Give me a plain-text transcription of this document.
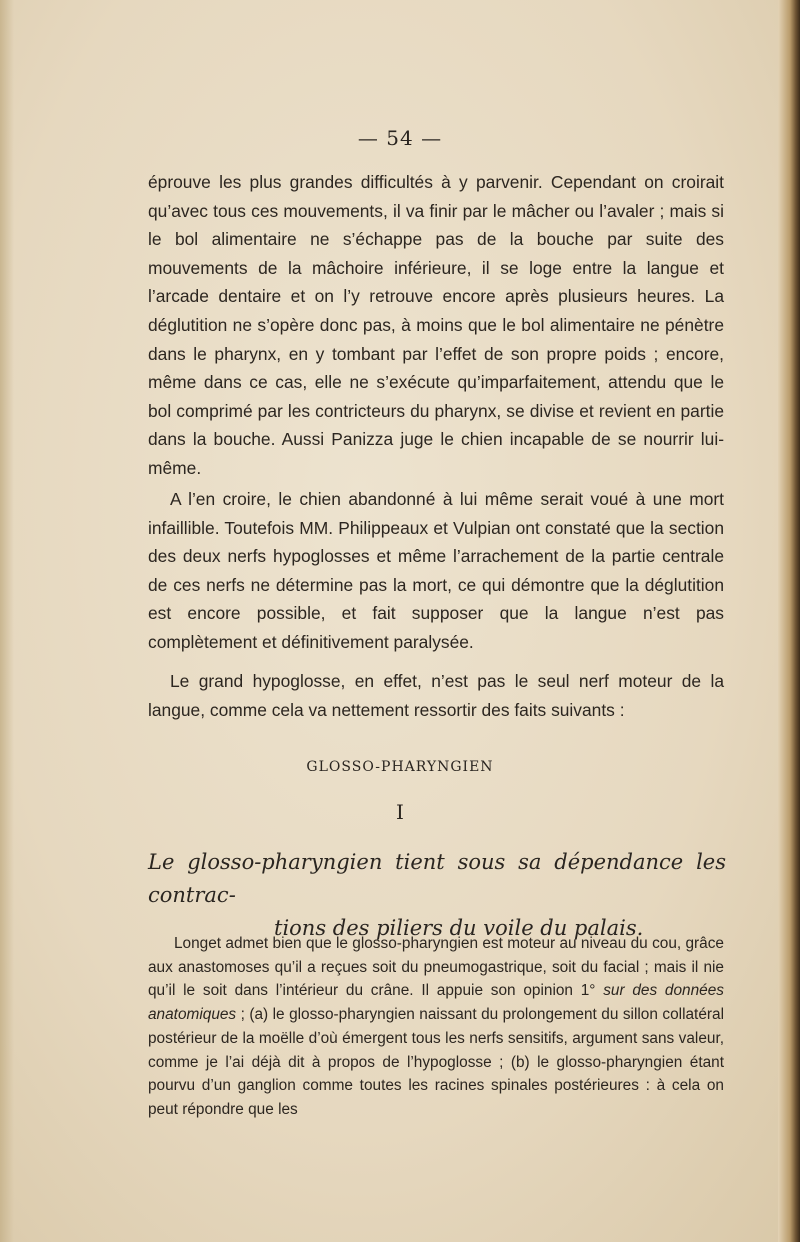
— 54 —

éprouve les plus grandes difficultés à y parvenir. Cependant on croirait qu’avec tous ces mouvements, il va finir par le mâcher ou l’avaler ; mais si le bol alimentaire ne s’échappe pas de la bouche par suite des mouvements de la mâchoire inférieure, il se loge entre la langue et l’arcade dentaire et on l’y retrouve encore après plusieurs heures. La déglutition ne s’opère donc pas, à moins que le bol alimentaire ne pénètre dans le pharynx, en y tombant par l’effet de son propre poids ; encore, même dans ce cas, elle ne s’exécute qu’imparfaitement, attendu que le bol comprimé par les contricteurs du pharynx, se divise et revient en partie dans la bouche. Aussi Panizza juge le chien incapable de se nourrir lui-même.

A l’en croire, le chien abandonné à lui même serait voué à une mort infaillible. Toutefois MM. Philippeaux et Vulpian ont constaté que la section des deux nerfs hypoglosses et même l’arrachement de la partie centrale de ces nerfs ne détermine pas la mort, ce qui démontre que la déglutition est encore possible, et fait supposer que la langue n’est pas complètement et définitivement paralysée.

Le grand hypoglosse, en effet, n’est pas le seul nerf moteur de la langue, comme cela va nettement ressortir des faits suivants :

GLOSSO-PHARYNGIEN
I
Le glosso-pharyngien tient sous sa dépendance les contrac-
tions des piliers du voile du palais.

Longet admet bien que le glosso-pharyngien est moteur au niveau du cou, grâce aux anastomoses qu’il a reçues soit du pneumogastrique, soit du facial ; mais il nie qu’il le soit dans l’intérieur du crâne. Il appuie son opinion 1° sur des données anatomiques ; (a) le glosso-pharyngien naissant du prolongement du sillon collatéral postérieur de la moëlle d’où émergent tous les nerfs sensitifs, argument sans valeur, comme je l’ai déjà dit à propos de l’hypoglosse ; (b) le glosso-pharyngien étant pourvu d’un ganglion comme toutes les racines spinales postérieures : à cela on peut répondre que les
